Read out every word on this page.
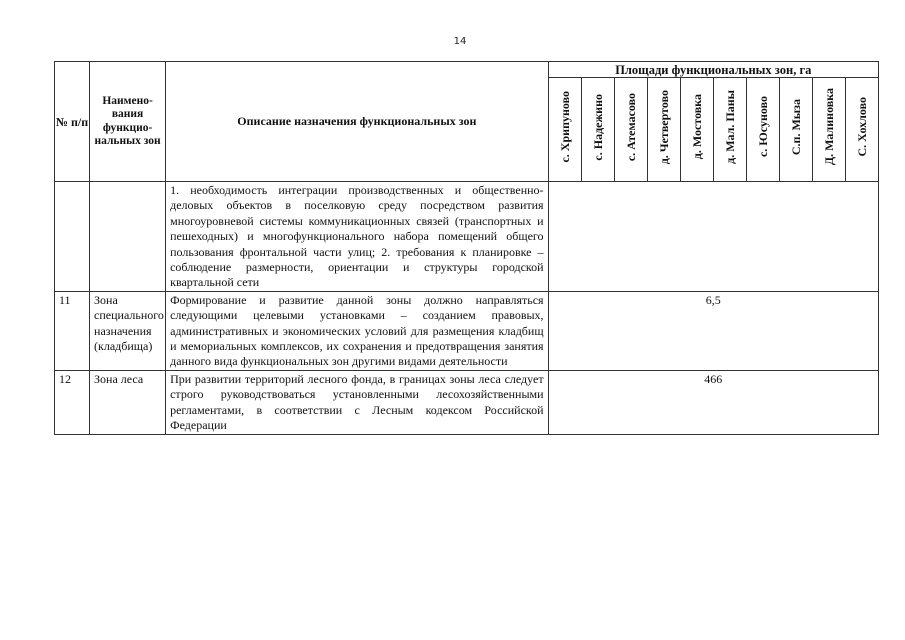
14
№ п/п	Наимено-вания функцио-нальных зон	Описание назначения функциональных зон	Площади функциональных зон, га									
			с. Хрипуново	с. Надежино	с. Атемасово	д. Четвертово	д. Мостовка	д. Мал. Паны	с. Юсуново	С.п. Мыза	Д. Малиновка	С. Хохлово
		1. необходимость интеграции производственных и общественно-деловых объектов в поселковую среду посредством развития многоуровневой системы коммуникационных связей (транспортных и пешеходных) и многофункционального набора помещений общего пользования фронтальной части улиц; 2. требования к планировке – соблюдение размерности, ориентации и структуры городской квартальной сети										
11	Зона специального назначения (кладбища)	Формирование и развитие данной зоны должно направляться следующими целевыми установками – созданием правовых, административных и экономических условий для размещения кладбищ и мемориальных комплексов, их сохранения и предотвращения занятия данного вида функциональных зон другими видами деятельности	6,5									
12	Зона леса	При развитии территорий лесного фонда, в границах зоны леса следует строго руководствоваться установленными лесохозяйственными регламентами, в соответствии с Лесным кодексом Российской Федерации	466									
